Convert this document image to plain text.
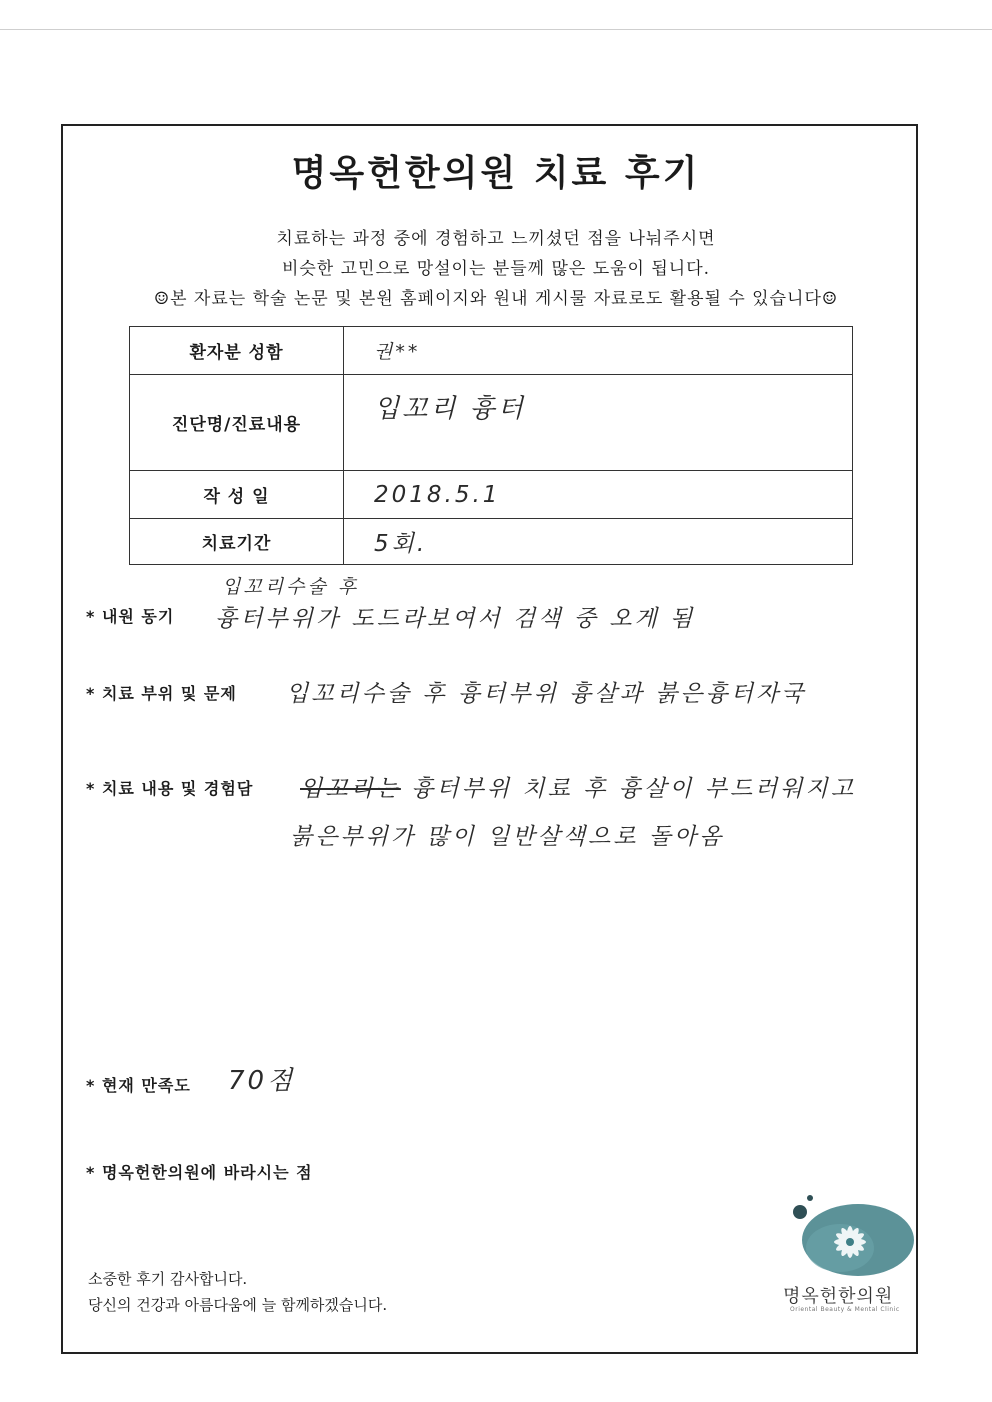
명옥헌한의원 치료 후기
치료하는 과정 중에 경험하고 느끼셨던 점을 나눠주시면
비슷한 고민으로 망설이는 분들께 많은 도움이 됩니다.
☺본 자료는 학술 논문 및 본원 홈페이지와 원내 게시물 자료로도 활용될 수 있습니다☺
환자분 성함	권**
진단명/진료내용	입꼬리 흉터
작 성 일	2018.5.1
치료기간	5회.
* 내원 동기
입꼬리수술 후
흉터부위가 도드라보여서 검색 중 오게 됨
* 치료 부위 및 문제 입꼬리수술 후 흉터부위 흉살과 붉은흉터자국
* 치료 내용 및 경험담 입꼬리는 흉터부위 치료 후 흉살이 부드러워지고
붉은부위가 많이 일반살색으로 돌아옴
* 현재 만족도 70점
* 명옥헌한의원에 바라시는 점
소중한 후기 감사합니다.
당신의 건강과 아름다움에 늘 함께하겠습니다.	명옥헌한의원
Oriental Beauty & Mental Clinic
